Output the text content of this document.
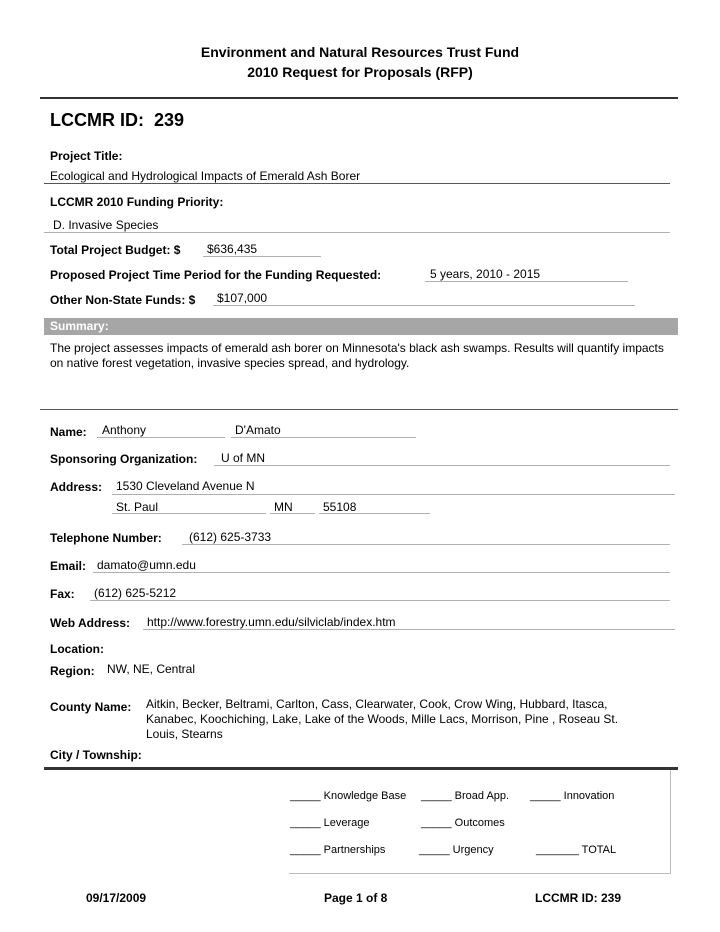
Environment and Natural Resources Trust Fund
2010 Request for Proposals (RFP)
LCCMR ID: 239
Project Title:
Ecological and Hydrological Impacts of Emerald Ash Borer
LCCMR 2010 Funding Priority:
D. Invasive Species
Total Project Budget: $ $636,435
Proposed Project Time Period for the Funding Requested:	5 years, 2010 - 2015
Other Non-State Funds: $ $107,000
Summary:
The project assesses impacts of emerald ash borer on Minnesota's black ash swamps. Results will quantify impacts on native forest vegetation, invasive species spread, and hydrology.
Name: Anthony	D'Amato
Sponsoring Organization: U of MN
Address: 1530 Cleveland Avenue N
St. Paul	MN	55108
Telephone Number: (612) 625-3733
Email: damato@umn.edu
Fax: (612) 625-5212
Web Address: http://www.forestry.umn.edu/silviclab/index.htm
Location:
Region: NW, NE, Central
County Name: Aitkin, Becker, Beltrami, Carlton, Cass, Clearwater, Cook, Crow Wing, Hubbard, Itasca,
Kanabec, Koochiching, Lake, Lake of the Woods, Mille Lacs, Morrison, Pine , Roseau St.
Louis, Stearns
City / Township:
_____ Knowledge Base _____ Broad App. _____ Innovation
_____ Leverage	_____ Outcomes
_____ Partnerships	_____ Urgency	_______ TOTAL
09/17/2009	Page 1 of 8	LCCMR ID: 239
